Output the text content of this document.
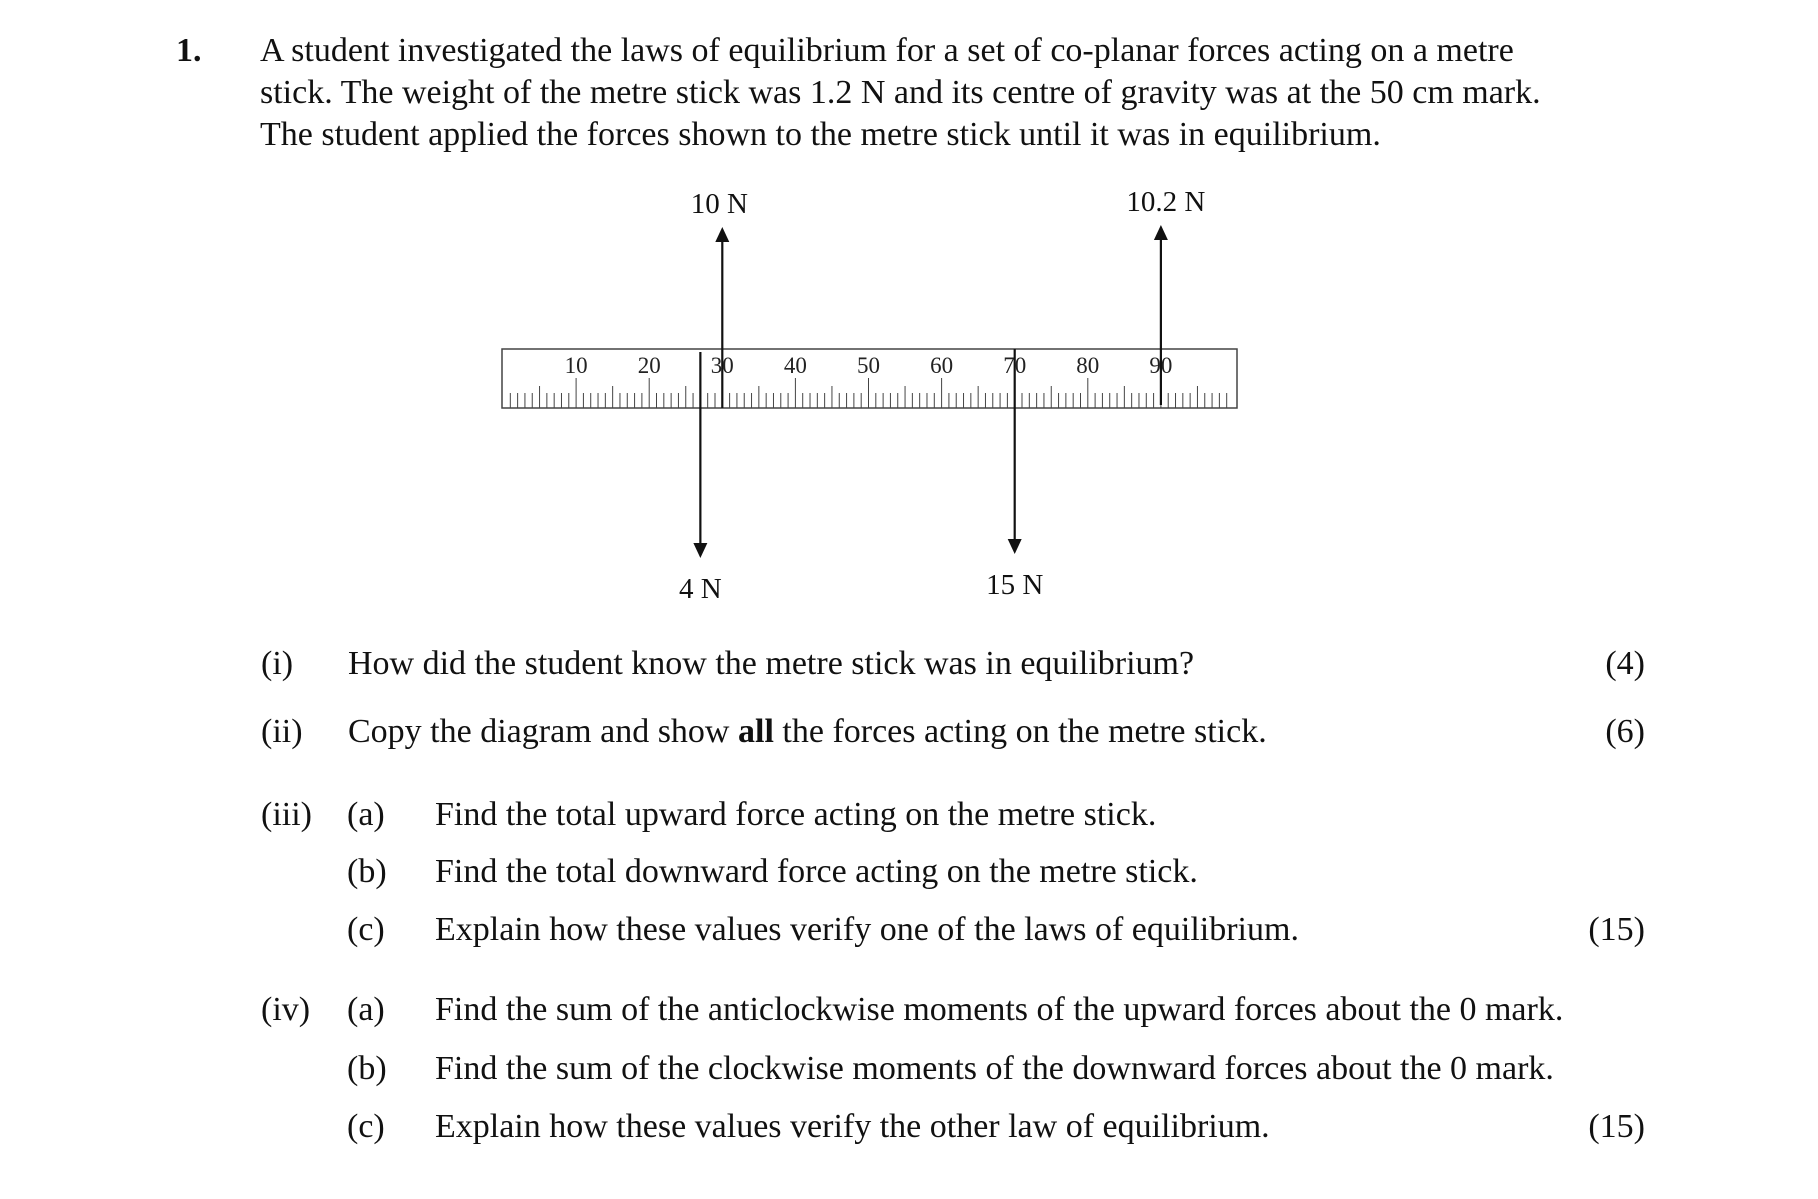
1. A student investigated the laws of equilibrium for a set of co-planar forces acting on a metre
stick. The weight of the metre stick was 1.2 N and its centre of gravity was at the 50 cm mark.
The student applied the forces shown to the metre stick until it was in equilibrium.
10 20 30 40 50 60 70 80 90
10 N	10.2 N
4 N	15 N
(i) How did the student know the metre stick was in equilibrium?	(4)
(ii) Copy the diagram and show all the forces acting on the metre stick.	(6)
(iii) (a) Find the total upward force acting on the metre stick.
(b) Find the total downward force acting on the metre stick.
(c) Explain how these values verify one of the laws of equilibrium.	(15)
(iv) (a) Find the sum of the anticlockwise moments of the upward forces about the 0 mark.
(b) Find the sum of the clockwise moments of the downward forces about the 0 mark.
(c) Explain how these values verify the other law of equilibrium.	(15)
